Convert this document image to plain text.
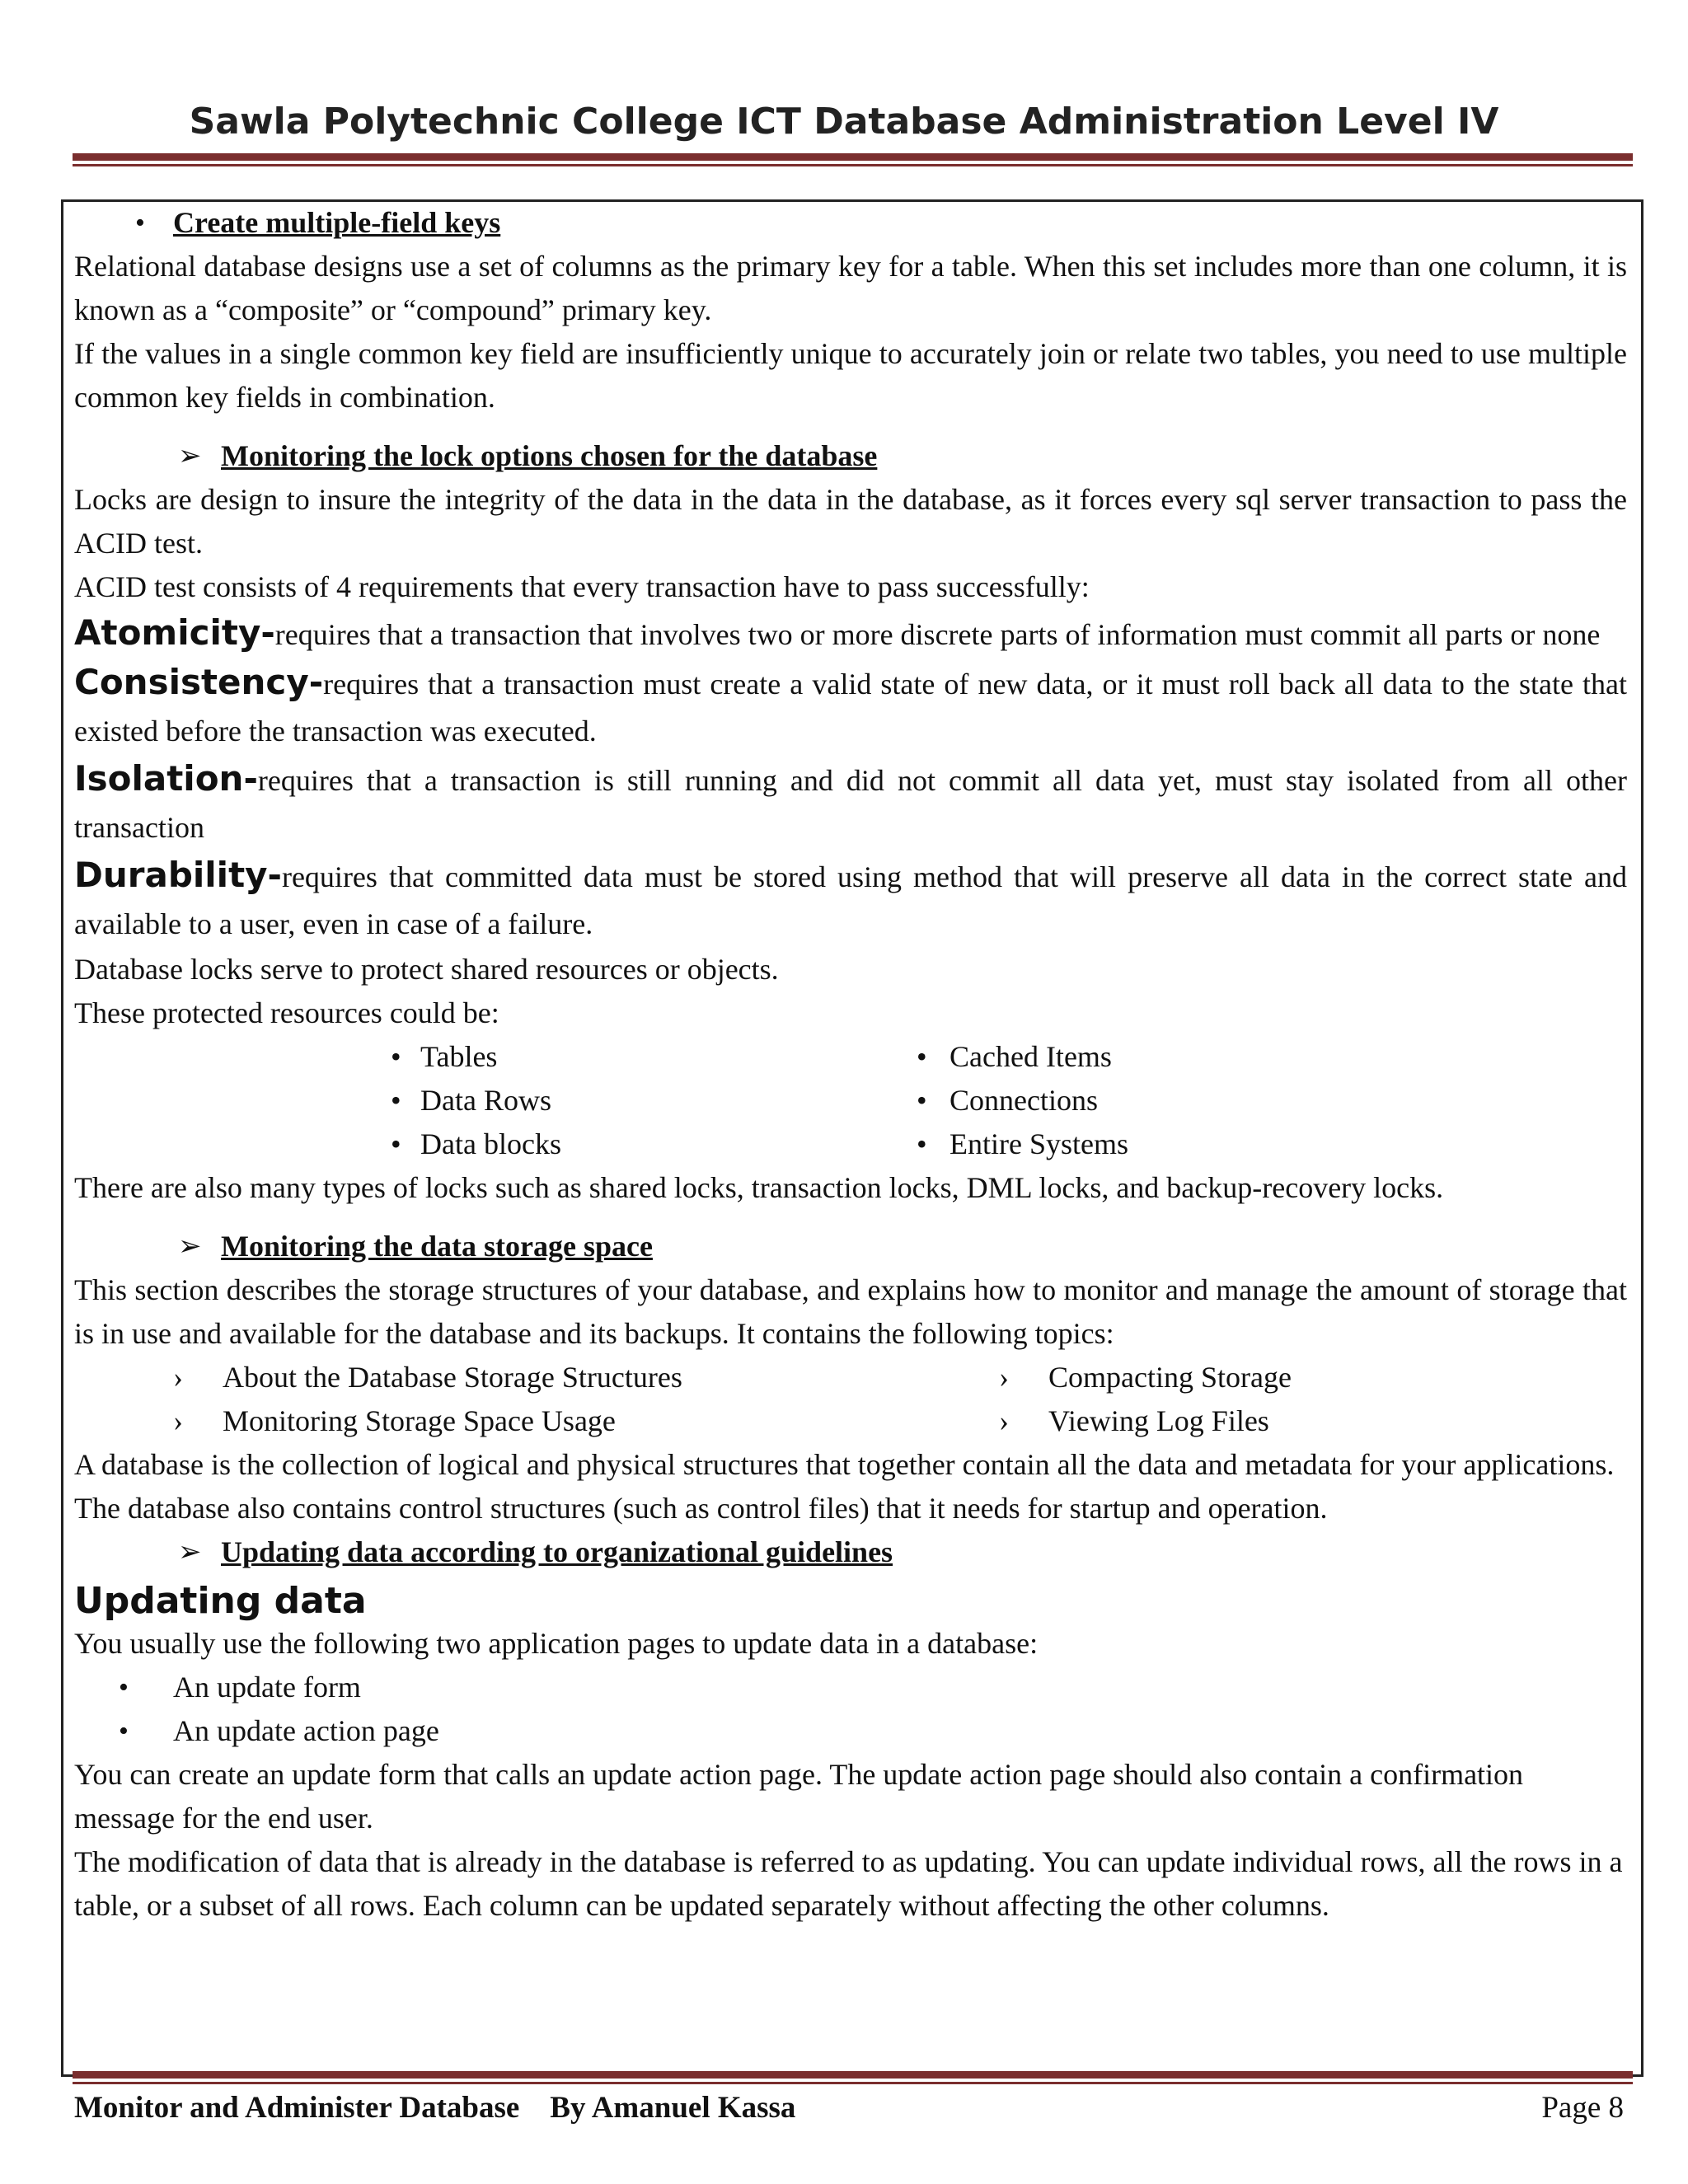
Sawla Polytechnic College ICT Database Administration Level IV
• Create multiple-field keys

Relational database designs use a set of columns as the primary key for a table. When this set includes more than one column, it is known as a “composite” or “compound” primary key.

If the values in a single common key field are insufficiently unique to accurately join or relate two tables, you need to use multiple common key fields in combination.

➢ Monitoring the lock options chosen for the database

Locks are design to insure the integrity of the data in the data in the database, as it forces every sql server transaction to pass the ACID test.

ACID test consists of 4 requirements that every transaction have to pass successfully:

Atomicity-requires that a transaction that involves two or more discrete parts of information must commit all parts or none

Consistency-requires that a transaction must create a valid state of new data, or it must roll back all data to the state that existed before the transaction was executed.

Isolation-requires that a transaction is still running and did not commit all data yet, must stay isolated from all other transaction

Durability-requires that committed data must be stored using method that will preserve all data in the correct state and available to a user, even in case of a failure.

Database locks serve to protect shared resources or objects.

These protected resources could be:

• Tables	• Cached Items
• Data Rows	• Connections
• Data blocks	• Entire Systems

There are also many types of locks such as shared locks, transaction locks, DML locks, and backup-recovery locks.

➢ Monitoring the data storage space

This section describes the storage structures of your database, and explains how to monitor and manage the amount of storage that is in use and available for the database and its backups. It contains the following topics:

› About the Database Storage Structures	› Compacting Storage
› Monitoring Storage Space Usage	› Viewing Log Files

A database is the collection of logical and physical structures that together contain all the data and metadata for your applications. The database also contains control structures (such as control files) that it needs for startup and operation.

➢ Updating data according to organizational guidelines
Updating data

You usually use the following two application pages to update data in a database:

• An update form
• An update action page

You can create an update form that calls an update action page. The update action page should also contain a confirmation message for the end user.

The modification of data that is already in the database is referred to as updating. You can update individual rows, all the rows in a table, or a subset of all rows. Each column can be updated separately without affecting the other columns.

Monitor and Administer Database    By Amanuel Kassa	Page 8
